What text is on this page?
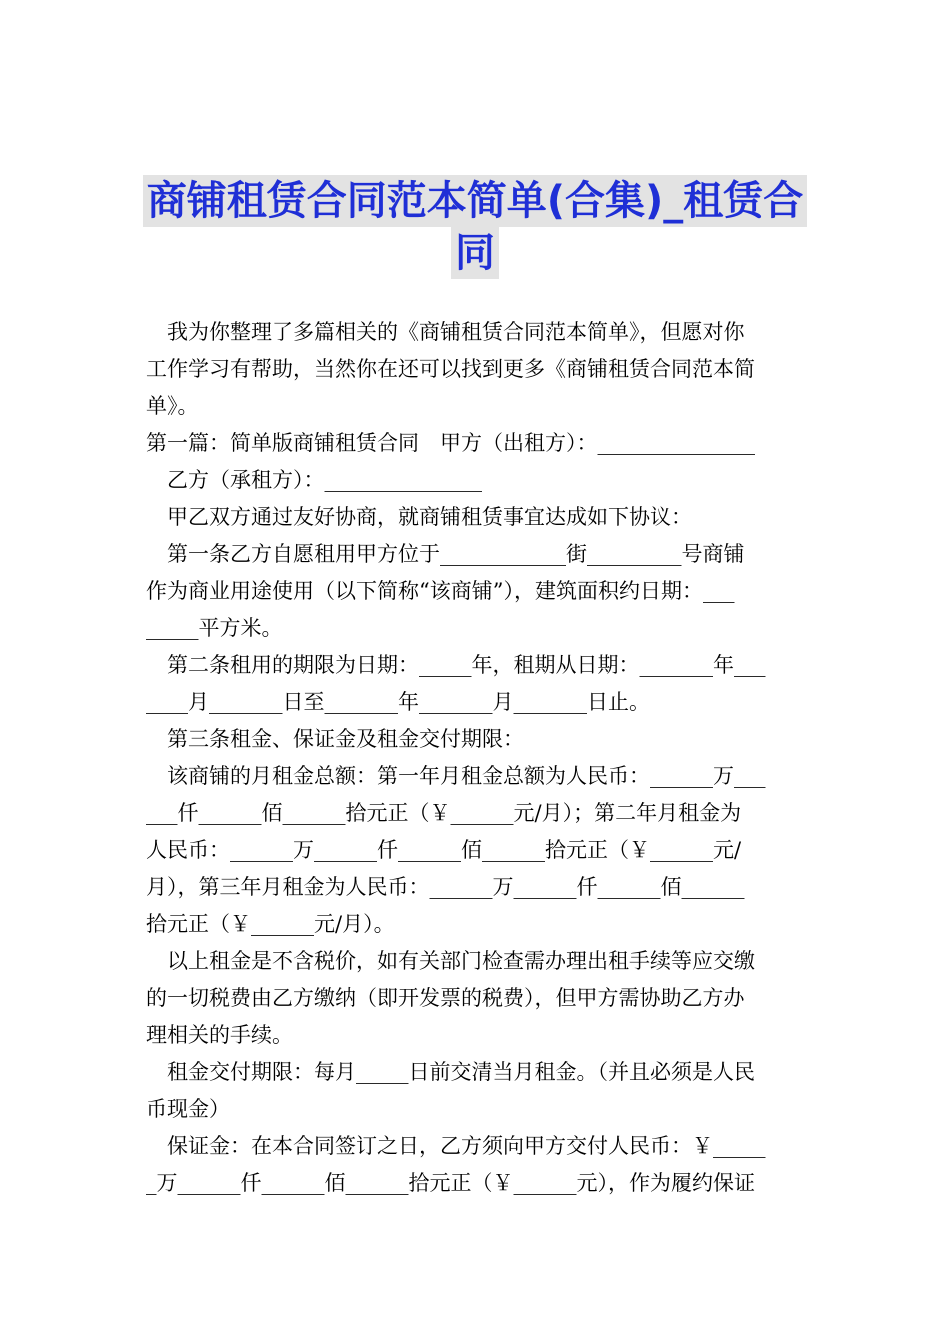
商铺租赁合同范本简单(合集)_租赁合
同
我为你整理了多篇相关的《商铺租赁合同范本简单》，但愿对你
工作学习有帮助，当然你在还可以找到更多《商铺租赁合同范本简
单》。
第一篇：简单版商铺租赁合同　甲方（出租方）：_______________
乙方（承租方）：_______________
甲乙双方通过友好协商，就商铺租赁事宜达成如下协议：
第一条乙方自愿租用甲方位于____________街_________号商铺
作为商业用途使用（以下简称“该商铺”），建筑面积约日期：___
_____平方米。
第二条租用的期限为日期：_____年，租期从日期：_______年___
____月_______日至_______年_______月_______日止。
第三条租金、保证金及租金交付期限：
该商铺的月租金总额：第一年月租金总额为人民币：______万___
___仟______佰______拾元正（￥______元/月）；第二年月租金为
人民币：______万______仟______佰______拾元正（￥______元/
月），第三年月租金为人民币：______万______仟______佰______
拾元正（￥______元/月）。
以上租金是不含税价，如有关部门检查需办理出租手续等应交缴
的一切税费由乙方缴纳（即开发票的税费），但甲方需协助乙方办
理相关的手续。
租金交付期限：每月_____日前交清当月租金。（并且必须是人民
币现金）
保证金：在本合同签订之日，乙方须向甲方交付人民币：￥_____
_万______仟______佰______拾元正（￥______元），作为履约保证
